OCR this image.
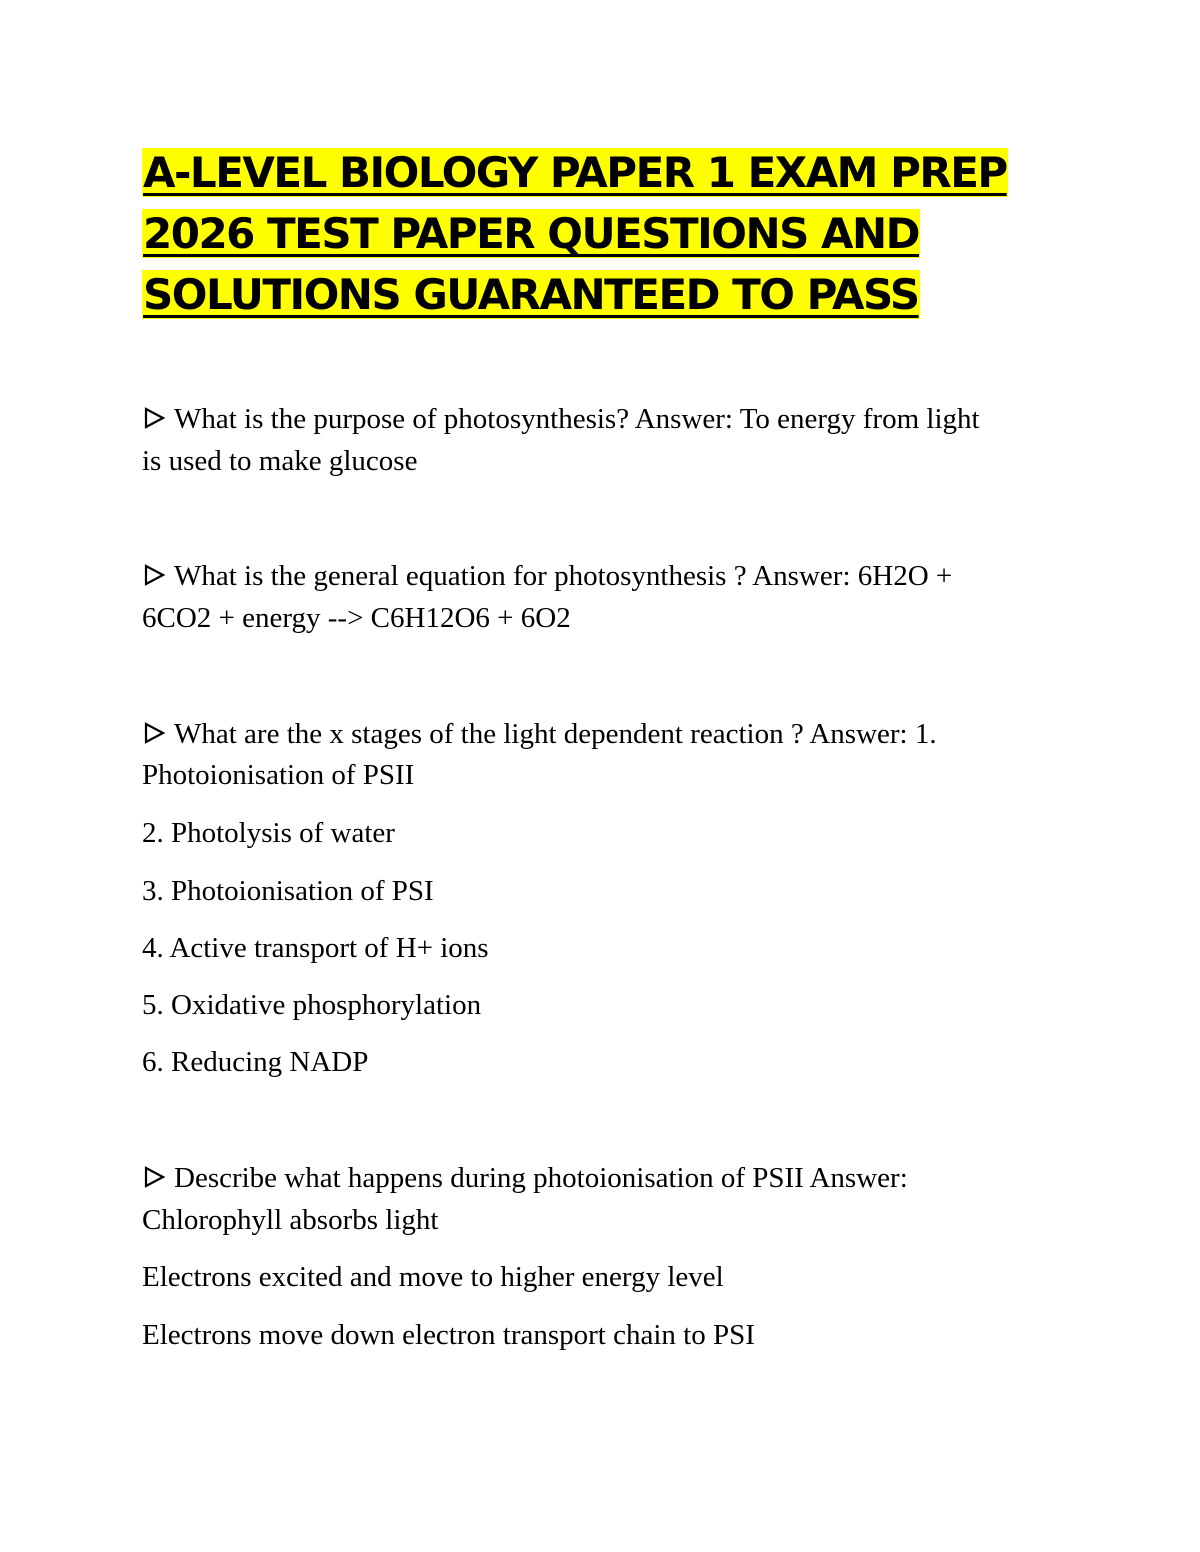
A-LEVEL BIOLOGY PAPER 1 EXAM PREP
2026 TEST PAPER QUESTIONS AND
SOLUTIONS GUARANTEED TO PASS
What is the purpose of photosynthesis? Answer: To energy from light
is used to make glucose
What is the general equation for photosynthesis ? Answer: 6H2O +
6CO2 + energy --> C6H12O6 + 6O2
What are the x stages of the light dependent reaction ? Answer: 1.
Photoionisation of PSII
2. Photolysis of water
3. Photoionisation of PSI
4. Active transport of H+ ions
5. Oxidative phosphorylation
6. Reducing NADP
Describe what happens during photoionisation of PSII Answer:
Chlorophyll absorbs light
Electrons excited and move to higher energy level
Electrons move down electron transport chain to PSI
